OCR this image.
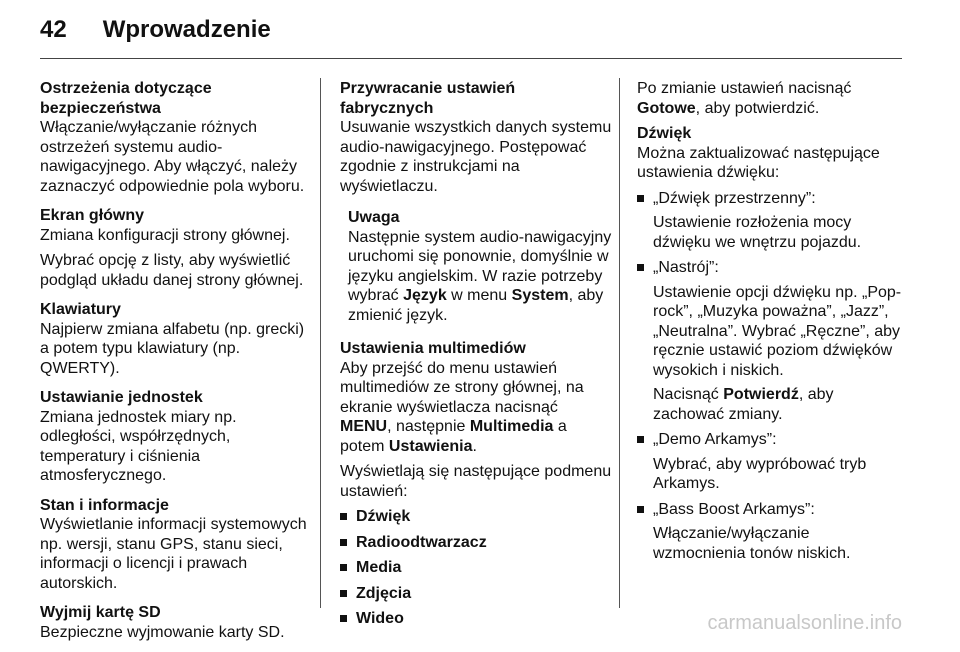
42 Wprowadzenie
Ostrzeżenia dotyczące
bezpieczeństwa

Włączanie/wyłączanie różnych ostrzeżeń systemu audio-nawigacyjnego. Aby włączyć, należy zaznaczyć odpowiednie pola wyboru.

Ekran główny

Zmiana konfiguracji strony głównej.

Wybrać opcję z listy, aby wyświetlić podgląd układu danej strony głównej.

Klawiatury

Najpierw zmiana alfabetu (np. grecki) a potem typu klawiatury (np. QWERTY).

Ustawianie jednostek

Zmiana jednostek miary np. odległości, współrzędnych, temperatury i ciśnienia atmosferycznego.

Stan i informacje

Wyświetlanie informacji systemowych np. wersji, stanu GPS, stanu sieci, informacji o licencji i prawach autorskich.

Wyjmij kartę SD

Bezpieczne wyjmowanie karty SD.

Przywracanie ustawień fabrycznych

Usuwanie wszystkich danych systemu audio-nawigacyjnego. Postępować zgodnie z instrukcjami na wyświetlaczu.

Uwaga

Następnie system audio-nawigacyjny uruchomi się ponownie, domyślnie w języku angielskim. W razie potrzeby wybrać Język w menu System, aby zmienić język.

Ustawienia multimediów

Aby przejść do menu ustawień multimediów ze strony głównej, na ekranie wyświetlacza nacisnąć MENU, następnie Multimedia a potem Ustawienia.

Wyświetlają się następujące podmenu ustawień:

Dźwięk
Radioodtwarzacz
Media
Zdjęcia
Wideo

Po zmianie ustawień nacisnąć Gotowe, aby potwierdzić.

Dźwięk

Można zaktualizować następujące ustawienia dźwięku:

„Dźwięk przestrzenny”:
Ustawienie rozłożenia mocy dźwięku we wnętrzu pojazdu.
„Nastrój”:
Ustawienie opcji dźwięku np. „Pop-rock”, „Muzyka poważna”, „Jazz”, „Neutralna”. Wybrać „Ręczne”, aby ręcznie ustawić poziom dźwięków wysokich i niskich.
Nacisnąć Potwierdź, aby zachować zmiany.
„Demo Arkamys”:
Wybrać, aby wypróbować tryb Arkamys.
„Bass Boost Arkamys”:
Włączanie/wyłączanie wzmocnienia tonów niskich.
carmanualsonline.info
